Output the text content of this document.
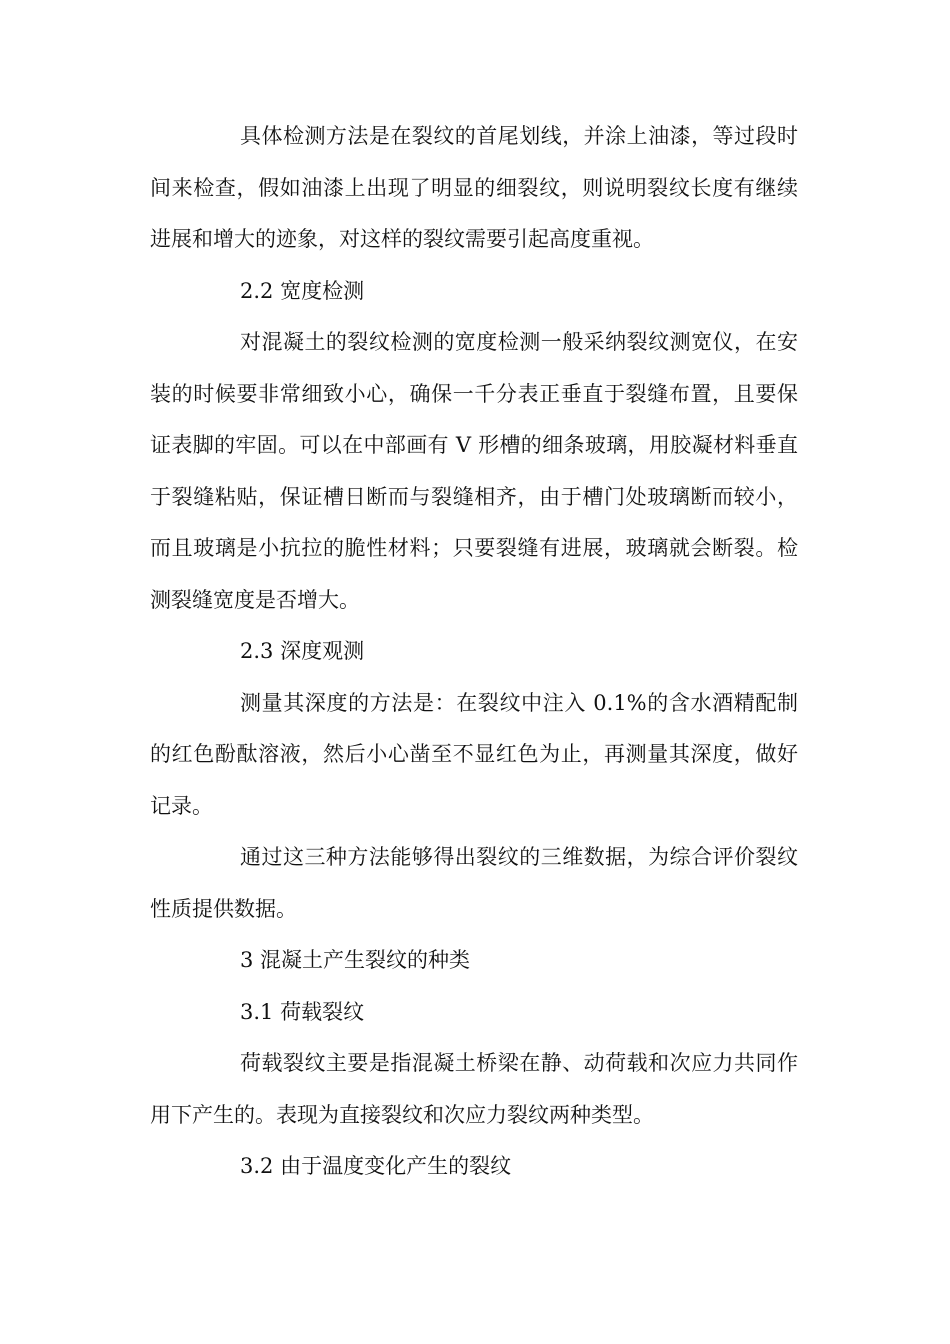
具体检测方法是在裂纹的首尾划线，并涂上油漆，等过段时间来检查，假如油漆上出现了明显的细裂纹，则说明裂纹长度有继续进展和增大的迹象，对这样的裂纹需要引起高度重视。

2.2 宽度检测

对混凝土的裂纹检测的宽度检测一般采纳裂纹测宽仪，在安装的时候要非常细致小心，确保一千分表正垂直于裂缝布置，且要保证表脚的牢固。可以在中部画有 V 形槽的细条玻璃，用胶凝材料垂直于裂缝粘贴，保证槽日断而与裂缝相齐，由于槽门处玻璃断而较小，而且玻璃是小抗拉的脆性材料；只要裂缝有进展，玻璃就会断裂。检测裂缝宽度是否增大。

2.3 深度观测

测量其深度的方法是：在裂纹中注入 0.1%的含水酒精配制的红色酚酞溶液，然后小心凿至不显红色为止，再测量其深度，做好记录。

通过这三种方法能够得出裂纹的三维数据，为综合评价裂纹性质提供数据。

3 混凝土产生裂纹的种类

3.1 荷载裂纹

荷载裂纹主要是指混凝土桥梁在静、动荷载和次应力共同作用下产生的。表现为直接裂纹和次应力裂纹两种类型。

3.2 由于温度变化产生的裂纹
